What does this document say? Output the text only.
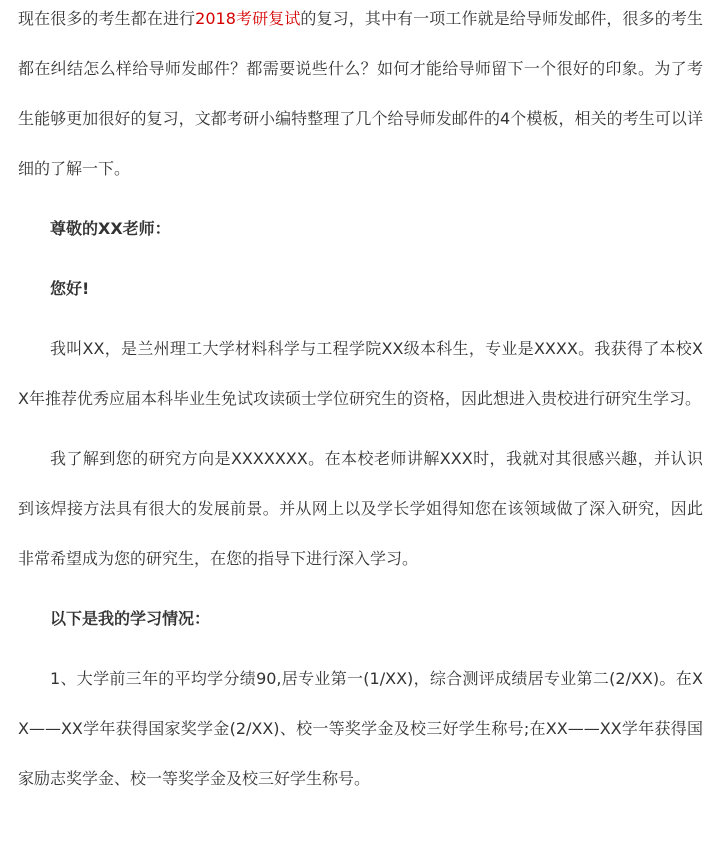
现在很多的考生都在进行2018考研复试的复习，其中有一项工作就是给导师发邮件，很多的考生都在纠结怎么样给导师发邮件？都需要说些什么？如何才能给导师留下一个很好的印象。为了考生能够更加很好的复习，文都考研小编特整理了几个给导师发邮件的4个模板，相关的考生可以详细的了解一下。

尊敬的XX老师：

您好!

我叫XX，是兰州理工大学材料科学与工程学院XX级本科生，专业是XXXX。我获得了本校XX年推荐优秀应届本科毕业生免试攻读硕士学位研究生的资格，因此想进入贵校进行研究生学习。

我了解到您的研究方向是XXXXXXX。在本校老师讲解XXX时，我就对其很感兴趣，并认识到该焊接方法具有很大的发展前景。并从网上以及学长学姐得知您在该领域做了深入研究，因此非常希望成为您的研究生，在您的指导下进行深入学习。

以下是我的学习情况：

1、大学前三年的平均学分绩90,居专业第一(1/XX)，综合测评成绩居专业第二(2/XX)。在XX——XX学年获得国家奖学金(2/XX)、校一等奖学金及校三好学生称号;在XX——XX学年获得国家励志奖学金、校一等奖学金及校三好学生称号。
